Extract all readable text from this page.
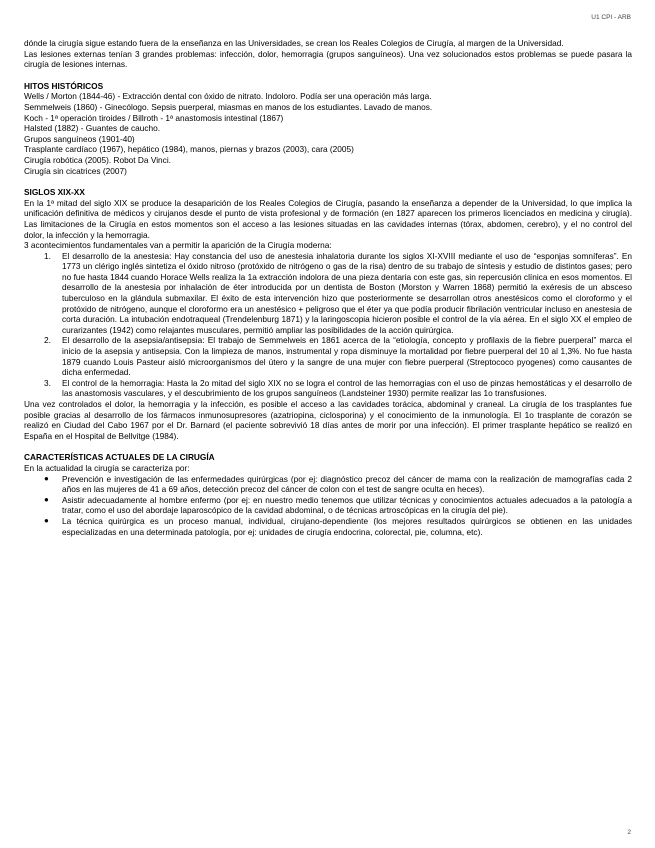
U1 CPI - ARB

dónde la cirugía sigue estando fuera de la enseñanza en las Universidades, se crean los Reales Colegios de Cirugía, al margen de la Universidad.

Las lesiones externas tenían 3 grandes problemas: infección, dolor, hemorragia (grupos sanguíneos). Una vez solucionados estos problemas se puede pasara la cirugía de lesiones internas.

HITOS HISTÓRICOS
Wells / Morton (1844-46) - Extracción dental con óxido de nitrato. Indoloro. Podía ser una operación más larga.
Semmelweis (1860) - Ginecólogo. Sepsis puerperal, miasmas en manos de los estudiantes. Lavado de manos.
Koch - 1ª operación tiroides / Billroth - 1ª anastomosis intestinal (1867)
Halsted (1882) - Guantes de caucho.
Grupos sanguíneos (1901-40)
Trasplante cardíaco (1967), hepático (1984), manos, piernas y brazos (2003), cara (2005)
Cirugía robótica (2005). Robot Da Vinci.
Cirugía sin cicatrices (2007)
SIGLOS XIX-XX

En la 1ª mitad del siglo XIX se produce la desaparición de los Reales Colegios de Cirugía, pasando la enseñanza a depender de la Universidad, lo que implica la unificación definitiva de médicos y cirujanos desde el punto de vista profesional y de formación (en 1827 aparecen los primeros licenciados en medicina y cirugía). Las limitaciones de la Cirugía en estos momentos son el acceso a las lesiones situadas en las cavidades internas (tórax, abdomen, cerebro), y el no control del dolor, la infección y la hemorragia.

3 acontecimientos fundamentales van a permitir la aparición de la Cirugía moderna:
1. El desarrollo de la anestesia: Hay constancia del uso de anestesia inhalatoria durante los siglos XI-XVIII mediante el uso de “esponjas somníferas”. En 1773 un clérigo inglés sintetiza el óxido nitroso (protóxido de nitrógeno o gas de la risa) dentro de su trabajo de síntesis y estudio de distintos gases; pero no fue hasta 1844 cuando Horace Wells realiza la 1a extracción indolora de una pieza dentaria con este gas, sin repercusión clínica en esos momentos. El desarrollo de la anestesia por inhalación de éter introducida por un dentista de Boston (Morston y Warren 1868) permitió la exéresis de un absceso tuberculoso en la glándula submaxilar. El éxito de esta intervención hizo que posteriormente se desarrollan otros anestésicos como el cloroformo y el protóxido de nitrógeno, aunque el cloroformo era un anestésico + peligroso que el éter ya que podía producir fibrilación ventricular incluso en anestesia de corta duración. La intubación endotraqueal (Trendelenburg 1871) y la laringoscopia hicieron posible el control de la vía aérea. En el siglo XX el empleo de curarizantes (1942) como relajantes musculares, permitió ampliar las posibilidades de la acción quirúrgica.
2. El desarrollo de la asepsia/antisepsia: El trabajo de Semmelweis en 1861 acerca de la “etiología, concepto y profilaxis de la fiebre puerperal” marca el inicio de la asepsia y antisepsia. Con la limpieza de manos, instrumental y ropa disminuye la mortalidad por fiebre puerperal del 10 al 1,3%. No fue hasta 1879 cuando Louis Pasteur aisló microorganismos del útero y la sangre de una mujer con fiebre puerperal (Streptococo pyogenes) como causantes de dicha enfermedad.
3. El control de la hemorragia: Hasta la 2o mitad del siglo XIX no se logra el control de las hemorragias con el uso de pinzas hemostáticas y el desarrollo de las anastomosis vasculares, y el descubrimiento de los grupos sanguíneos (Landsteiner 1930) permite realizar las 1o transfusiones.

Una vez controlados el dolor, la hemorragia y la infección, es posible el acceso a las cavidades torácica, abdominal y craneal. La cirugía de los trasplantes fue posible gracias al desarrollo de los fármacos inmunosupresores (azatriopina, ciclosporina) y el conocimiento de la inmunología. El 1o trasplante de corazón se realizó en Ciudad del Cabo 1967 por el Dr. Barnard (el paciente sobrevivió 18 días antes de morir por una infección). El primer trasplante hepático se realizó en España en el Hospital de Bellvitge (1984).

CARACTERÍSTICAS ACTUALES DE LA CIRUGÍA
En la actualidad la cirugía se caracteriza por:
● Prevención e investigación de las enfermedades quirúrgicas (por ej: diagnóstico precoz del cáncer de mama con la realización de mamografías cada 2 años en las mujeres de 41 a 69 años, detección precoz del cáncer de colon con el test de sangre oculta en heces).
● Asistir adecuadamente al hombre enfermo (por ej: en nuestro medio tenemos que utilizar técnicas y conocimientos actuales adecuados a la patología a tratar, como el uso del abordaje laparoscópico de la cavidad abdominal, o de técnicas artroscópicas en la cirugía del pie).
● La técnica quirúrgica es un proceso manual, individual, cirujano-dependiente (los mejores resultados quirúrgicos se obtienen en las unidades especializadas en una determinada patología, por ej: unidades de cirugía endocrina, colorectal, pie, columna, etc).
2
